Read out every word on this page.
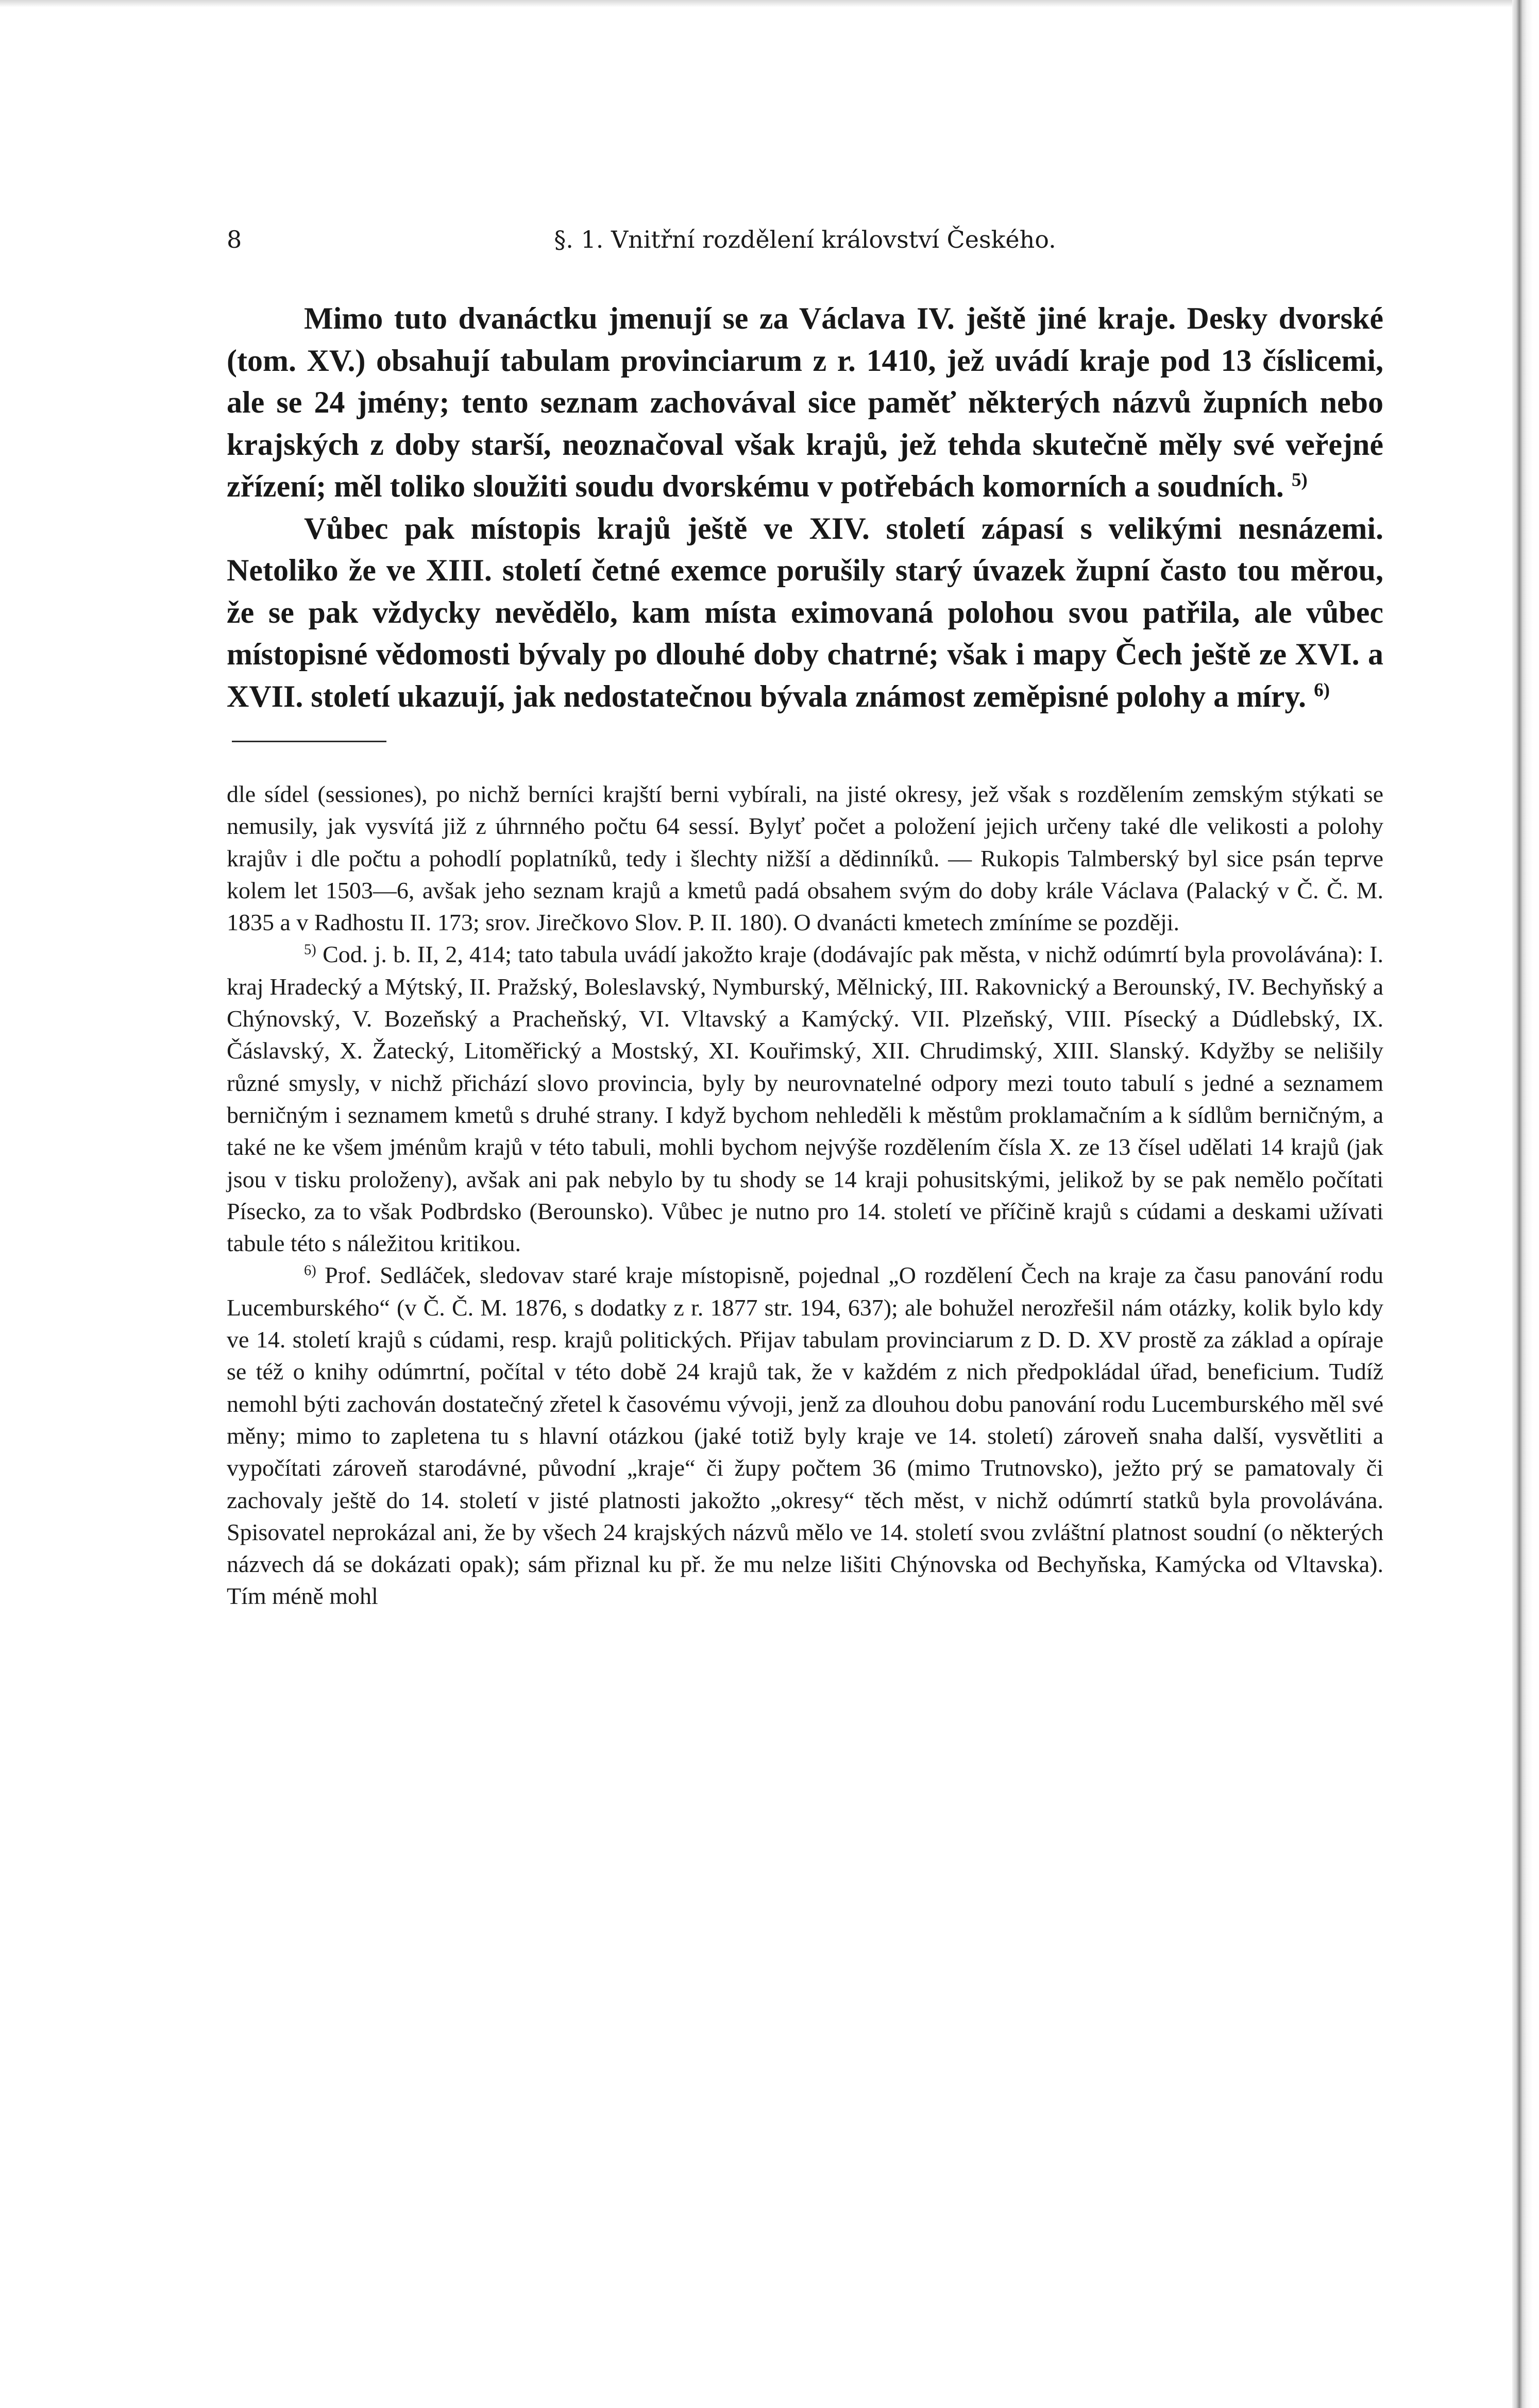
8	§. 1. Vnitřní rozdělení království Českého.

Mimo tuto dvanáctku jmenují se za Václava IV. ještě jiné kraje. Desky dvorské (tom. XV.) obsahují tabulam provinciarum z r. 1410, jež uvádí kraje pod 13 číslicemi, ale se 24 jmény; tento seznam zachovával sice paměť některých názvů župních nebo krajských z doby starší, neoznačoval však krajů, jež tehda skutečně měly své veřejné zřízení; měl toliko sloužiti soudu dvorskému v potřebách komorních a soudních. $^{5)}$

Vůbec pak místopis krajů ještě ve XIV. století zápasí s velikými nesnázemi. Netoliko že ve XIII. století četné exemce porušily starý úvazek župní často tou měrou, že se pak vždycky nevědělo, kam místa eximovaná polohou svou patřila, ale vůbec místopisné vědomosti bývaly po dlouhé doby chatrné; však i mapy Čech ještě ze XVI. a XVII. století ukazují, jak nedostatečnou bývala známost zeměpisné polohy a míry. $^{6)}$

dle sídel (sessiones), po nichž berníci krajští berni vybírali, na jisté okresy, jež však s rozdělením zemským stýkati se nemusily, jak vysvítá již z úhrnného počtu 64 sessí. Bylyť počet a položení jejich určeny také dle velikosti a polohy krajův i dle počtu a pohodlí poplatníků, tedy i šlechty nižší a dědinníků. — Rukopis Talmberský byl sice psán teprve kolem let 1503—6, avšak jeho seznam krajů a kmetů padá obsahem svým do doby krále Václava (Palacký v Č. Č. M. 1835 a v Radhostu II. 173; srov. Jirečkovo Slov. P. II. 180). O dvanácti kmetech zmíníme se později.

$^{5)}$ Cod. j. b. II, 2, 414; tato tabula uvádí jakožto kraje (dodávajíc pak města, v nichž odúmrtí byla provolávána): I. kraj Hradecký a Mýtský, II. Pražský, Boleslavský, Nymburský, Mělnický, III. Rakovnický a Berounský, IV. Bechyňský a Chýnovský, V. Bozeňský a Pracheňský, VI. Vltavský a Kamýcký. VII. Plzeňský, VIII. Písecký a Dúdlebský, IX. Čáslavský, X. Žatecký, Litoměřický a Mostský, XI. Kouřimský, XII. Chrudimský, XIII. Slanský. Kdyžby se nelišily různé smysly, v nichž přichází slovo provincia, byly by neurovnatelné odpory mezi touto tabulí s jedné a seznamem berničným i seznamem kmetů s druhé strany. I když bychom nehleděli k městům proklamačním a k sídlům berničným, a také ne ke všem jménům krajů v této tabuli, mohli bychom nejvýše rozdělením čísla X. ze 13 čísel udělati 14 krajů (jak jsou v tisku proloženy), avšak ani pak nebylo by tu shody se 14 kraji pohusitskými, jelikož by se pak nemělo počítati Písecko, za to však Podbrdsko (Berounsko). Vůbec je nutno pro 14. století ve příčině krajů s cúdami a deskami užívati tabule této s náležitou kritikou.

$^{6)}$ Prof. Sedláček, sledovav staré kraje místopisně, pojednal „O rozdělení Čech na kraje za času panování rodu Lucemburského“ (v Č. Č. M. 1876, s dodatky z r. 1877 str. 194, 637); ale bohužel nerozřešil nám otázky, kolik bylo kdy ve 14. století krajů s cúdami, resp. krajů politických. Přijav tabulam provinciarum z D. D. XV prostě za základ a opíraje se též o knihy odúmrtní, počítal v této době 24 krajů tak, že v každém z nich předpokládal úřad, beneficium. Tudíž nemohl býti zachován dostatečný zřetel k časovému vývoji, jenž za dlouhou dobu panování rodu Lucemburského měl své měny; mimo to zapletena tu s hlavní otázkou (jaké totiž byly kraje ve 14. století) zároveň snaha další, vysvětliti a vypočítati zároveň starodávné, původní „kraje“ či župy počtem 36 (mimo Trutnovsko), ježto prý se pamatovaly či zachovaly ještě do 14. století v jisté platnosti jakožto „okresy“ těch měst, v nichž odúmrtí statků byla provolávána. Spisovatel neprokázal ani, že by všech 24 krajských názvů mělo ve 14. století svou zvláštní platnost soudní (o některých názvech dá se dokázati opak); sám přiznal ku př. že mu nelze lišiti Chýnovska od Bechyňska, Kamýcka od Vltavska). Tím méně mohl
